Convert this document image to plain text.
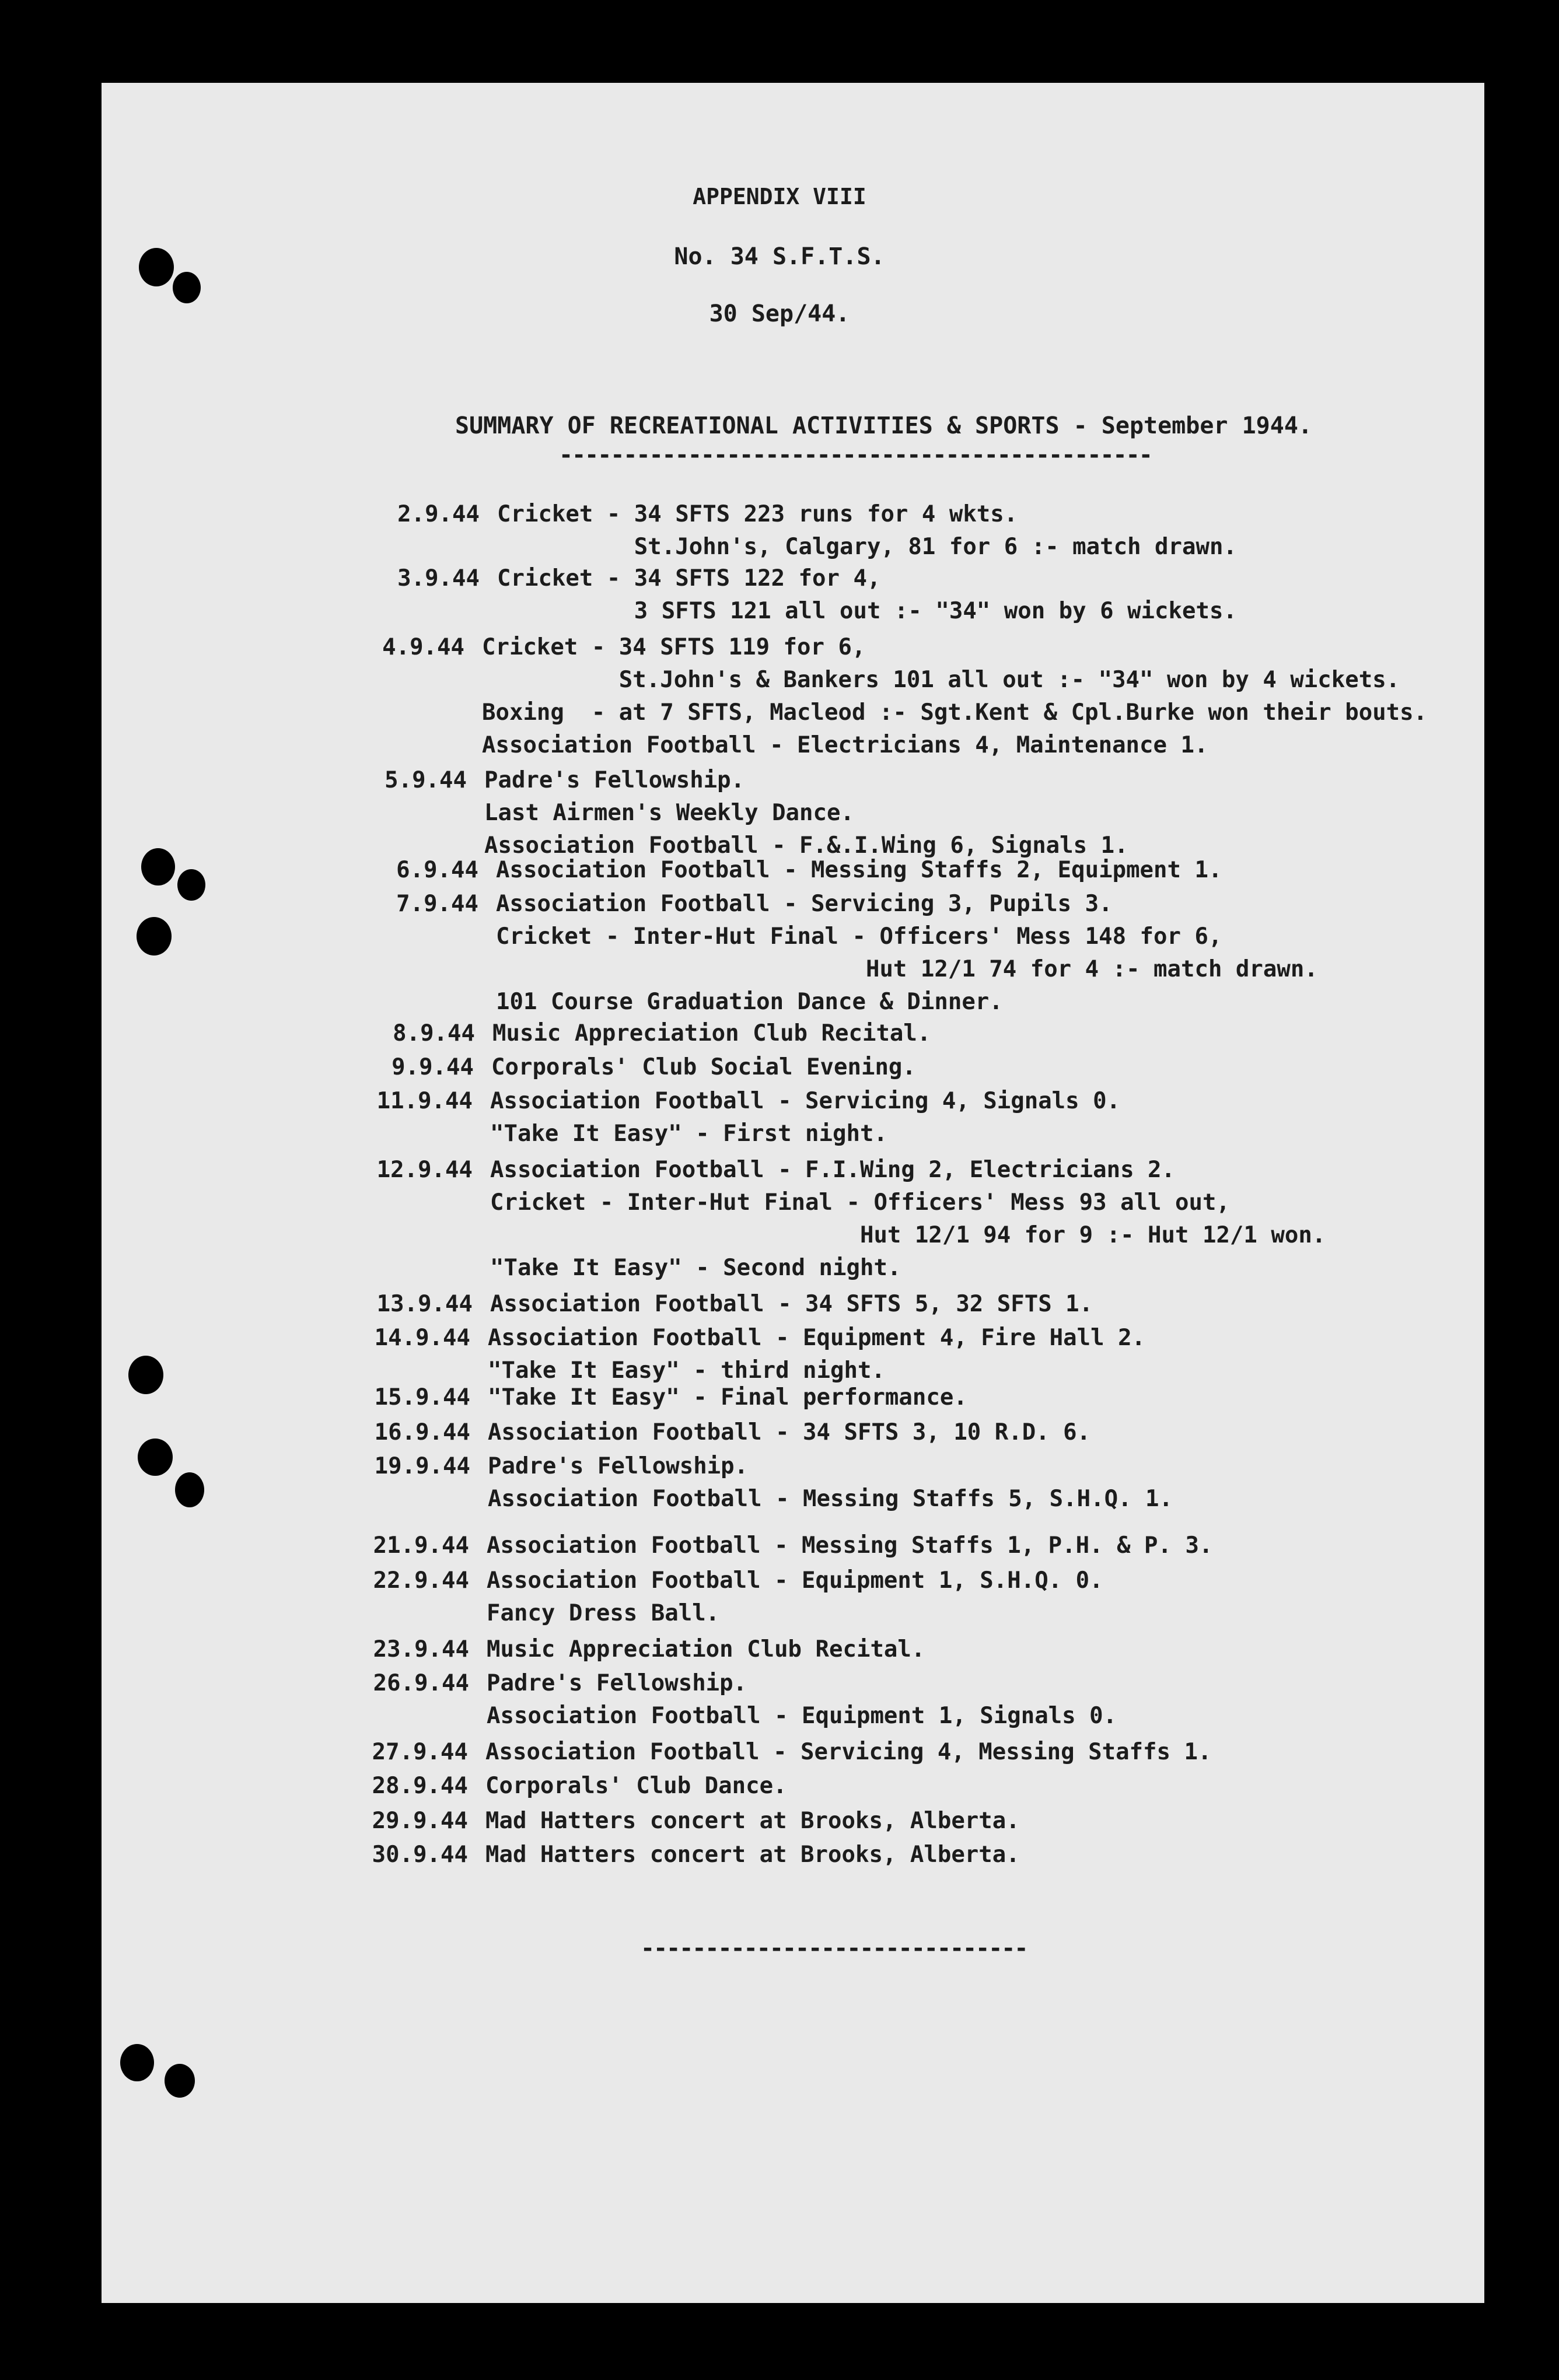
APPENDIX VIII
No. 34 S.F.T.S.
30 Sep/44.
SUMMARY OF RECREATIONAL ACTIVITIES & SPORTS - September 1944.
----------------------------------------------
2.9.44 Cricket - 34 SFTS 223 runs for 4 wkts.
St.John's, Calgary, 81 for 6 :- match drawn.
3.9.44 Cricket - 34 SFTS 122 for 4,
3 SFTS 121 all out :- "34" won by 6 wickets.
4.9.44 Cricket - 34 SFTS 119 for 6,
St.John's & Bankers 101 all out :- "34" won by 4 wickets.
Boxing  - at 7 SFTS, Macleod :- Sgt.Kent & Cpl.Burke won their bouts.
Association Football - Electricians 4, Maintenance 1.
5.9.44 Padre's Fellowship.
Last Airmen's Weekly Dance.
Association Football - F.&.I.Wing 6, Signals 1.
6.9.44 Association Football - Messing Staffs 2, Equipment 1.
7.9.44 Association Football - Servicing 3, Pupils 3.
Cricket - Inter-Hut Final - Officers' Mess 148 for 6,
Hut 12/1 74 for 4 :- match drawn.
101 Course Graduation Dance & Dinner.
8.9.44 Music Appreciation Club Recital.
9.9.44 Corporals' Club Social Evening.
11.9.44 Association Football - Servicing 4, Signals 0.
"Take It Easy" - First night.
12.9.44 Association Football - F.I.Wing 2, Electricians 2.
Cricket - Inter-Hut Final - Officers' Mess 93 all out,
Hut 12/1 94 for 9 :- Hut 12/1 won.
"Take It Easy" - Second night.
13.9.44 Association Football - 34 SFTS 5, 32 SFTS 1.
14.9.44 Association Football - Equipment 4, Fire Hall 2.
"Take It Easy" - third night.
15.9.44 "Take It Easy" - Final performance.
16.9.44 Association Football - 34 SFTS 3, 10 R.D. 6.
19.9.44 Padre's Fellowship.
Association Football - Messing Staffs 5, S.H.Q. 1.
21.9.44 Association Football - Messing Staffs 1, P.H. & P. 3.
22.9.44 Association Football - Equipment 1, S.H.Q. 0.
Fancy Dress Ball.
23.9.44 Music Appreciation Club Recital.
26.9.44 Padre's Fellowship.
Association Football - Equipment 1, Signals 0.
27.9.44 Association Football - Servicing 4, Messing Staffs 1.
28.9.44 Corporals' Club Dance.
29.9.44 Mad Hatters concert at Brooks, Alberta.
30.9.44 Mad Hatters concert at Brooks, Alberta.
------------------------------
